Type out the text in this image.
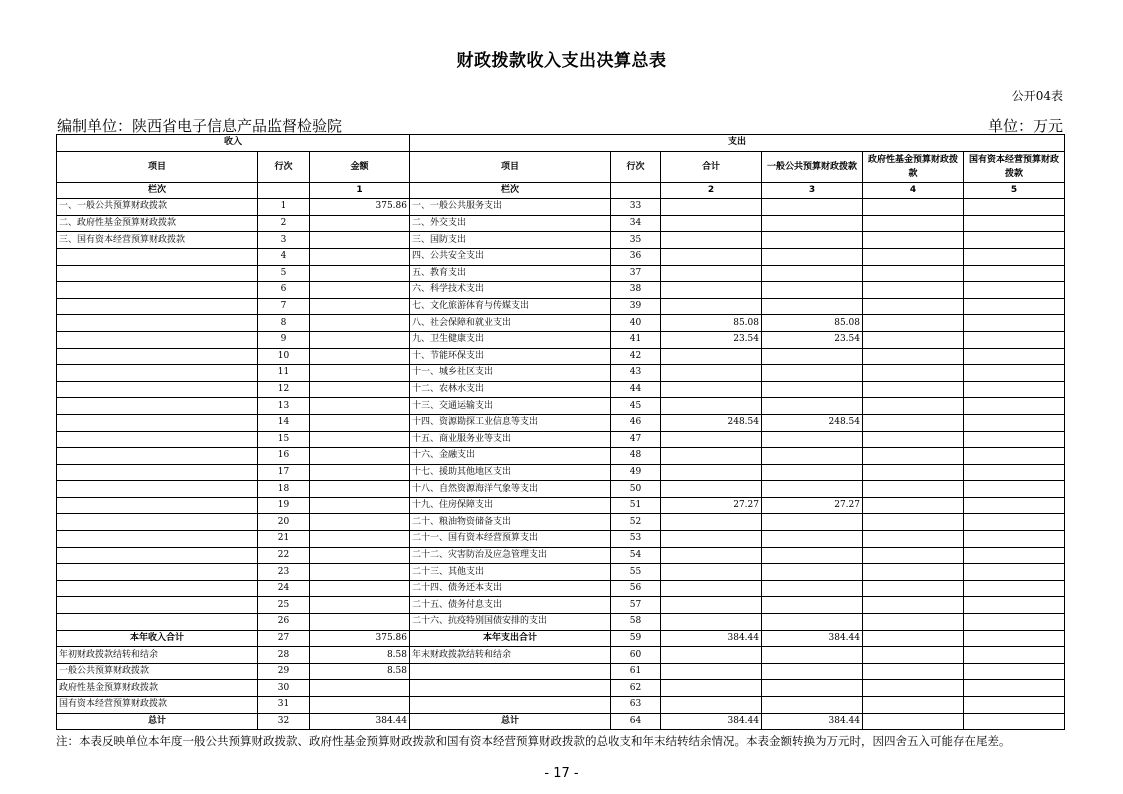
财政拨款收入支出决算总表
公开04表
编制单位：陕西省电子信息产品监督检验院	单位：万元
收入			支出					
项目	行次	金额	项目	行次	合计	一般公共预算财政拨款	政府性基金预算财政拨款	国有资本经营预算财政拨款
栏次		1	栏次		2	3	4	5
一、一般公共预算财政拨款	1	375.86	一、一般公共服务支出	33				
二、政府性基金预算财政拨款	2		二、外交支出	34				
三、国有资本经营预算财政拨款	3		三、国防支出	35				
	4		四、公共安全支出	36				
	5		五、教育支出	37				
	6		六、科学技术支出	38				
	7		七、文化旅游体育与传媒支出	39				
	8		八、社会保障和就业支出	40	85.08	85.08		
	9		九、卫生健康支出	41	23.54	23.54		
	10		十、节能环保支出	42				
	11		十一、城乡社区支出	43				
	12		十二、农林水支出	44				
	13		十三、交通运输支出	45				
	14		十四、资源勘探工业信息等支出	46	248.54	248.54		
	15		十五、商业服务业等支出	47				
	16		十六、金融支出	48				
	17		十七、援助其他地区支出	49				
	18		十八、自然资源海洋气象等支出	50				
	19		十九、住房保障支出	51	27.27	27.27		
	20		二十、粮油物资储备支出	52				
	21		二十一、国有资本经营预算支出	53				
	22		二十二、灾害防治及应急管理支出	54				
	23		二十三、其他支出	55				
	24		二十四、债务还本支出	56				
	25		二十五、债务付息支出	57				
	26		二十六、抗疫特别国债安排的支出	58				
本年收入合计	27	375.86	本年支出合计	59	384.44	384.44		
年初财政拨款结转和结余	28	8.58	年末财政拨款结转和结余	60				
一般公共预算财政拨款	29	8.58		61				
政府性基金预算财政拨款	30			62				
国有资本经营预算财政拨款	31			63				
总计	32	384.44	总计	64	384.44	384.44		
注：本表反映单位本年度一般公共预算财政拨款、政府性基金预算财政拨款和国有资本经营预算财政拨款的总收支和年末结转结余情况。本表金额转换为万元时，因四舍五入可能存在尾差。
- 17 -
